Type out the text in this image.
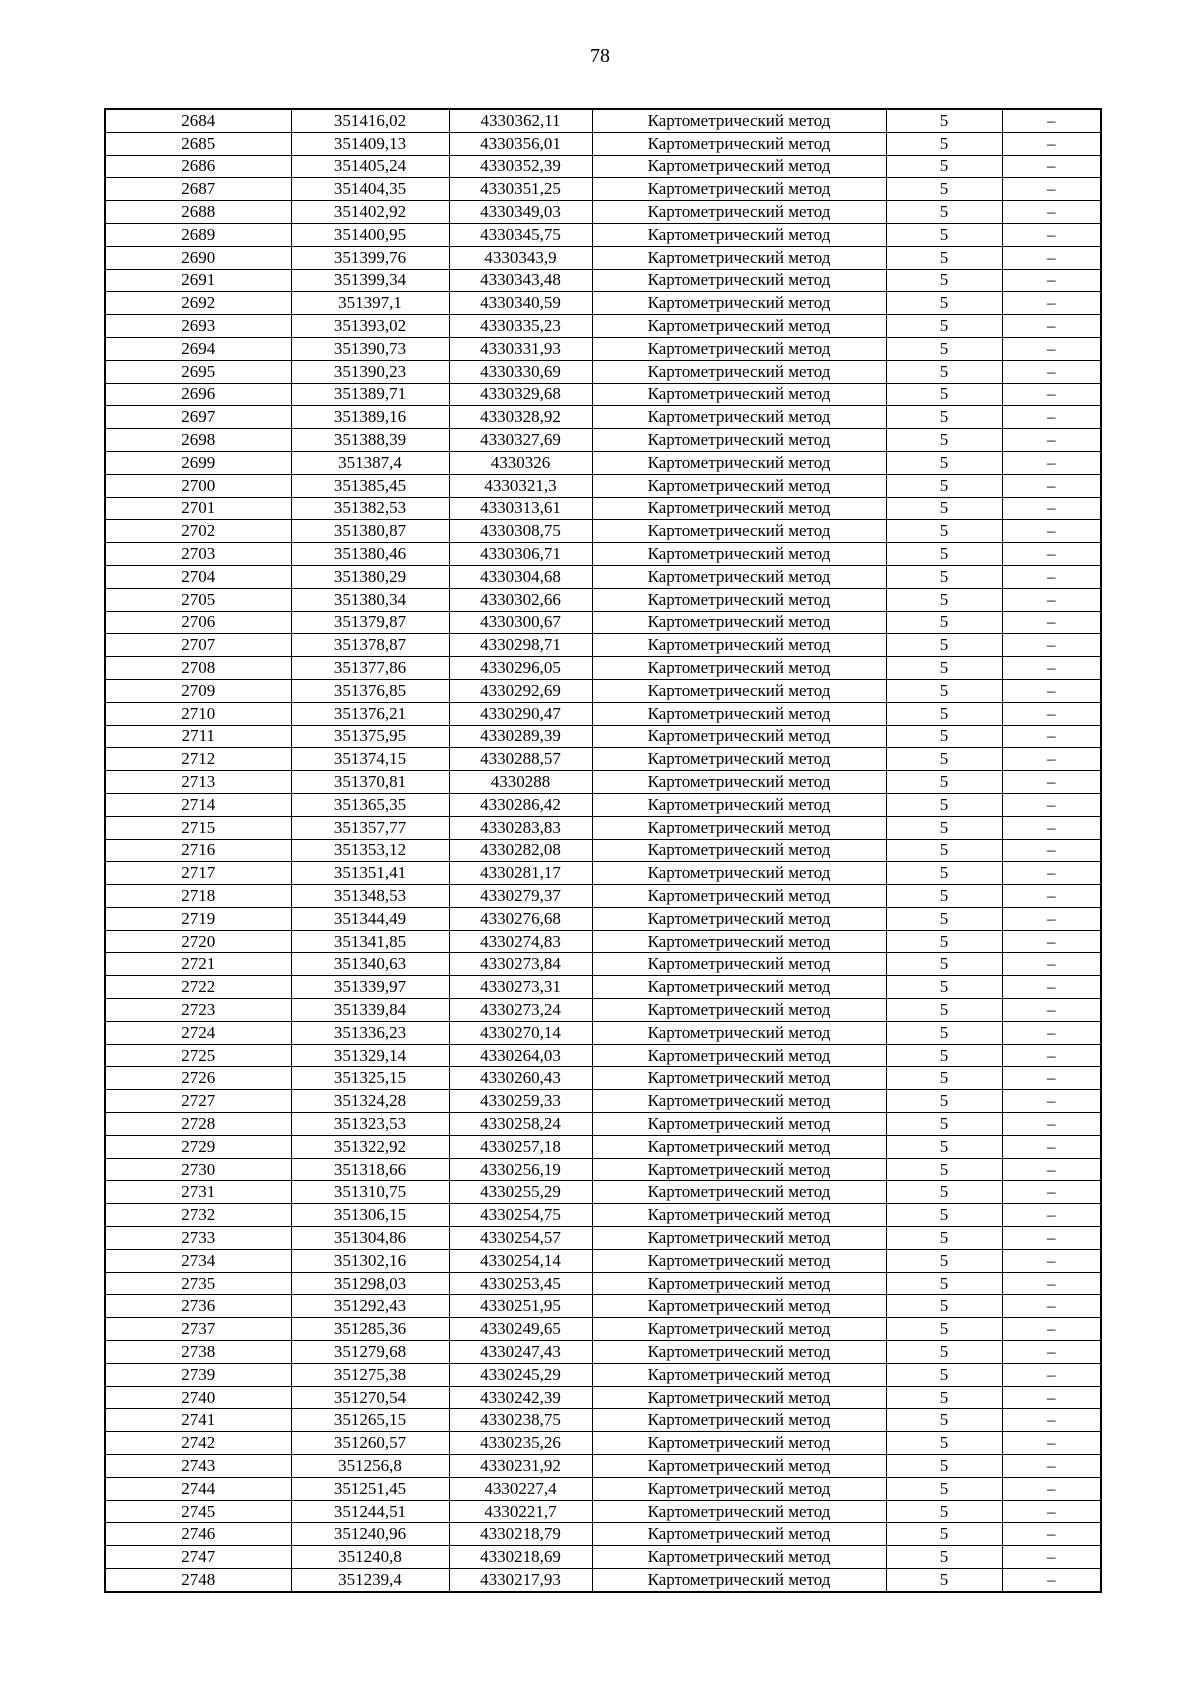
78
2684	351416,02	4330362,11	Картометрический метод	5	–
2685	351409,13	4330356,01	Картометрический метод	5	–
2686	351405,24	4330352,39	Картометрический метод	5	–
2687	351404,35	4330351,25	Картометрический метод	5	–
2688	351402,92	4330349,03	Картометрический метод	5	–
2689	351400,95	4330345,75	Картометрический метод	5	–
2690	351399,76	4330343,9	Картометрический метод	5	–
2691	351399,34	4330343,48	Картометрический метод	5	–
2692	351397,1	4330340,59	Картометрический метод	5	–
2693	351393,02	4330335,23	Картометрический метод	5	–
2694	351390,73	4330331,93	Картометрический метод	5	–
2695	351390,23	4330330,69	Картометрический метод	5	–
2696	351389,71	4330329,68	Картометрический метод	5	–
2697	351389,16	4330328,92	Картометрический метод	5	–
2698	351388,39	4330327,69	Картометрический метод	5	–
2699	351387,4	4330326	Картометрический метод	5	–
2700	351385,45	4330321,3	Картометрический метод	5	–
2701	351382,53	4330313,61	Картометрический метод	5	–
2702	351380,87	4330308,75	Картометрический метод	5	–
2703	351380,46	4330306,71	Картометрический метод	5	–
2704	351380,29	4330304,68	Картометрический метод	5	–
2705	351380,34	4330302,66	Картометрический метод	5	–
2706	351379,87	4330300,67	Картометрический метод	5	–
2707	351378,87	4330298,71	Картометрический метод	5	–
2708	351377,86	4330296,05	Картометрический метод	5	–
2709	351376,85	4330292,69	Картометрический метод	5	–
2710	351376,21	4330290,47	Картометрический метод	5	–
2711	351375,95	4330289,39	Картометрический метод	5	–
2712	351374,15	4330288,57	Картометрический метод	5	–
2713	351370,81	4330288	Картометрический метод	5	–
2714	351365,35	4330286,42	Картометрический метод	5	–
2715	351357,77	4330283,83	Картометрический метод	5	–
2716	351353,12	4330282,08	Картометрический метод	5	–
2717	351351,41	4330281,17	Картометрический метод	5	–
2718	351348,53	4330279,37	Картометрический метод	5	–
2719	351344,49	4330276,68	Картометрический метод	5	–
2720	351341,85	4330274,83	Картометрический метод	5	–
2721	351340,63	4330273,84	Картометрический метод	5	–
2722	351339,97	4330273,31	Картометрический метод	5	–
2723	351339,84	4330273,24	Картометрический метод	5	–
2724	351336,23	4330270,14	Картометрический метод	5	–
2725	351329,14	4330264,03	Картометрический метод	5	–
2726	351325,15	4330260,43	Картометрический метод	5	–
2727	351324,28	4330259,33	Картометрический метод	5	–
2728	351323,53	4330258,24	Картометрический метод	5	–
2729	351322,92	4330257,18	Картометрический метод	5	–
2730	351318,66	4330256,19	Картометрический метод	5	–
2731	351310,75	4330255,29	Картометрический метод	5	–
2732	351306,15	4330254,75	Картометрический метод	5	–
2733	351304,86	4330254,57	Картометрический метод	5	–
2734	351302,16	4330254,14	Картометрический метод	5	–
2735	351298,03	4330253,45	Картометрический метод	5	–
2736	351292,43	4330251,95	Картометрический метод	5	–
2737	351285,36	4330249,65	Картометрический метод	5	–
2738	351279,68	4330247,43	Картометрический метод	5	–
2739	351275,38	4330245,29	Картометрический метод	5	–
2740	351270,54	4330242,39	Картометрический метод	5	–
2741	351265,15	4330238,75	Картометрический метод	5	–
2742	351260,57	4330235,26	Картометрический метод	5	–
2743	351256,8	4330231,92	Картометрический метод	5	–
2744	351251,45	4330227,4	Картометрический метод	5	–
2745	351244,51	4330221,7	Картометрический метод	5	–
2746	351240,96	4330218,79	Картометрический метод	5	–
2747	351240,8	4330218,69	Картометрический метод	5	–
2748	351239,4	4330217,93	Картометрический метод	5	–
